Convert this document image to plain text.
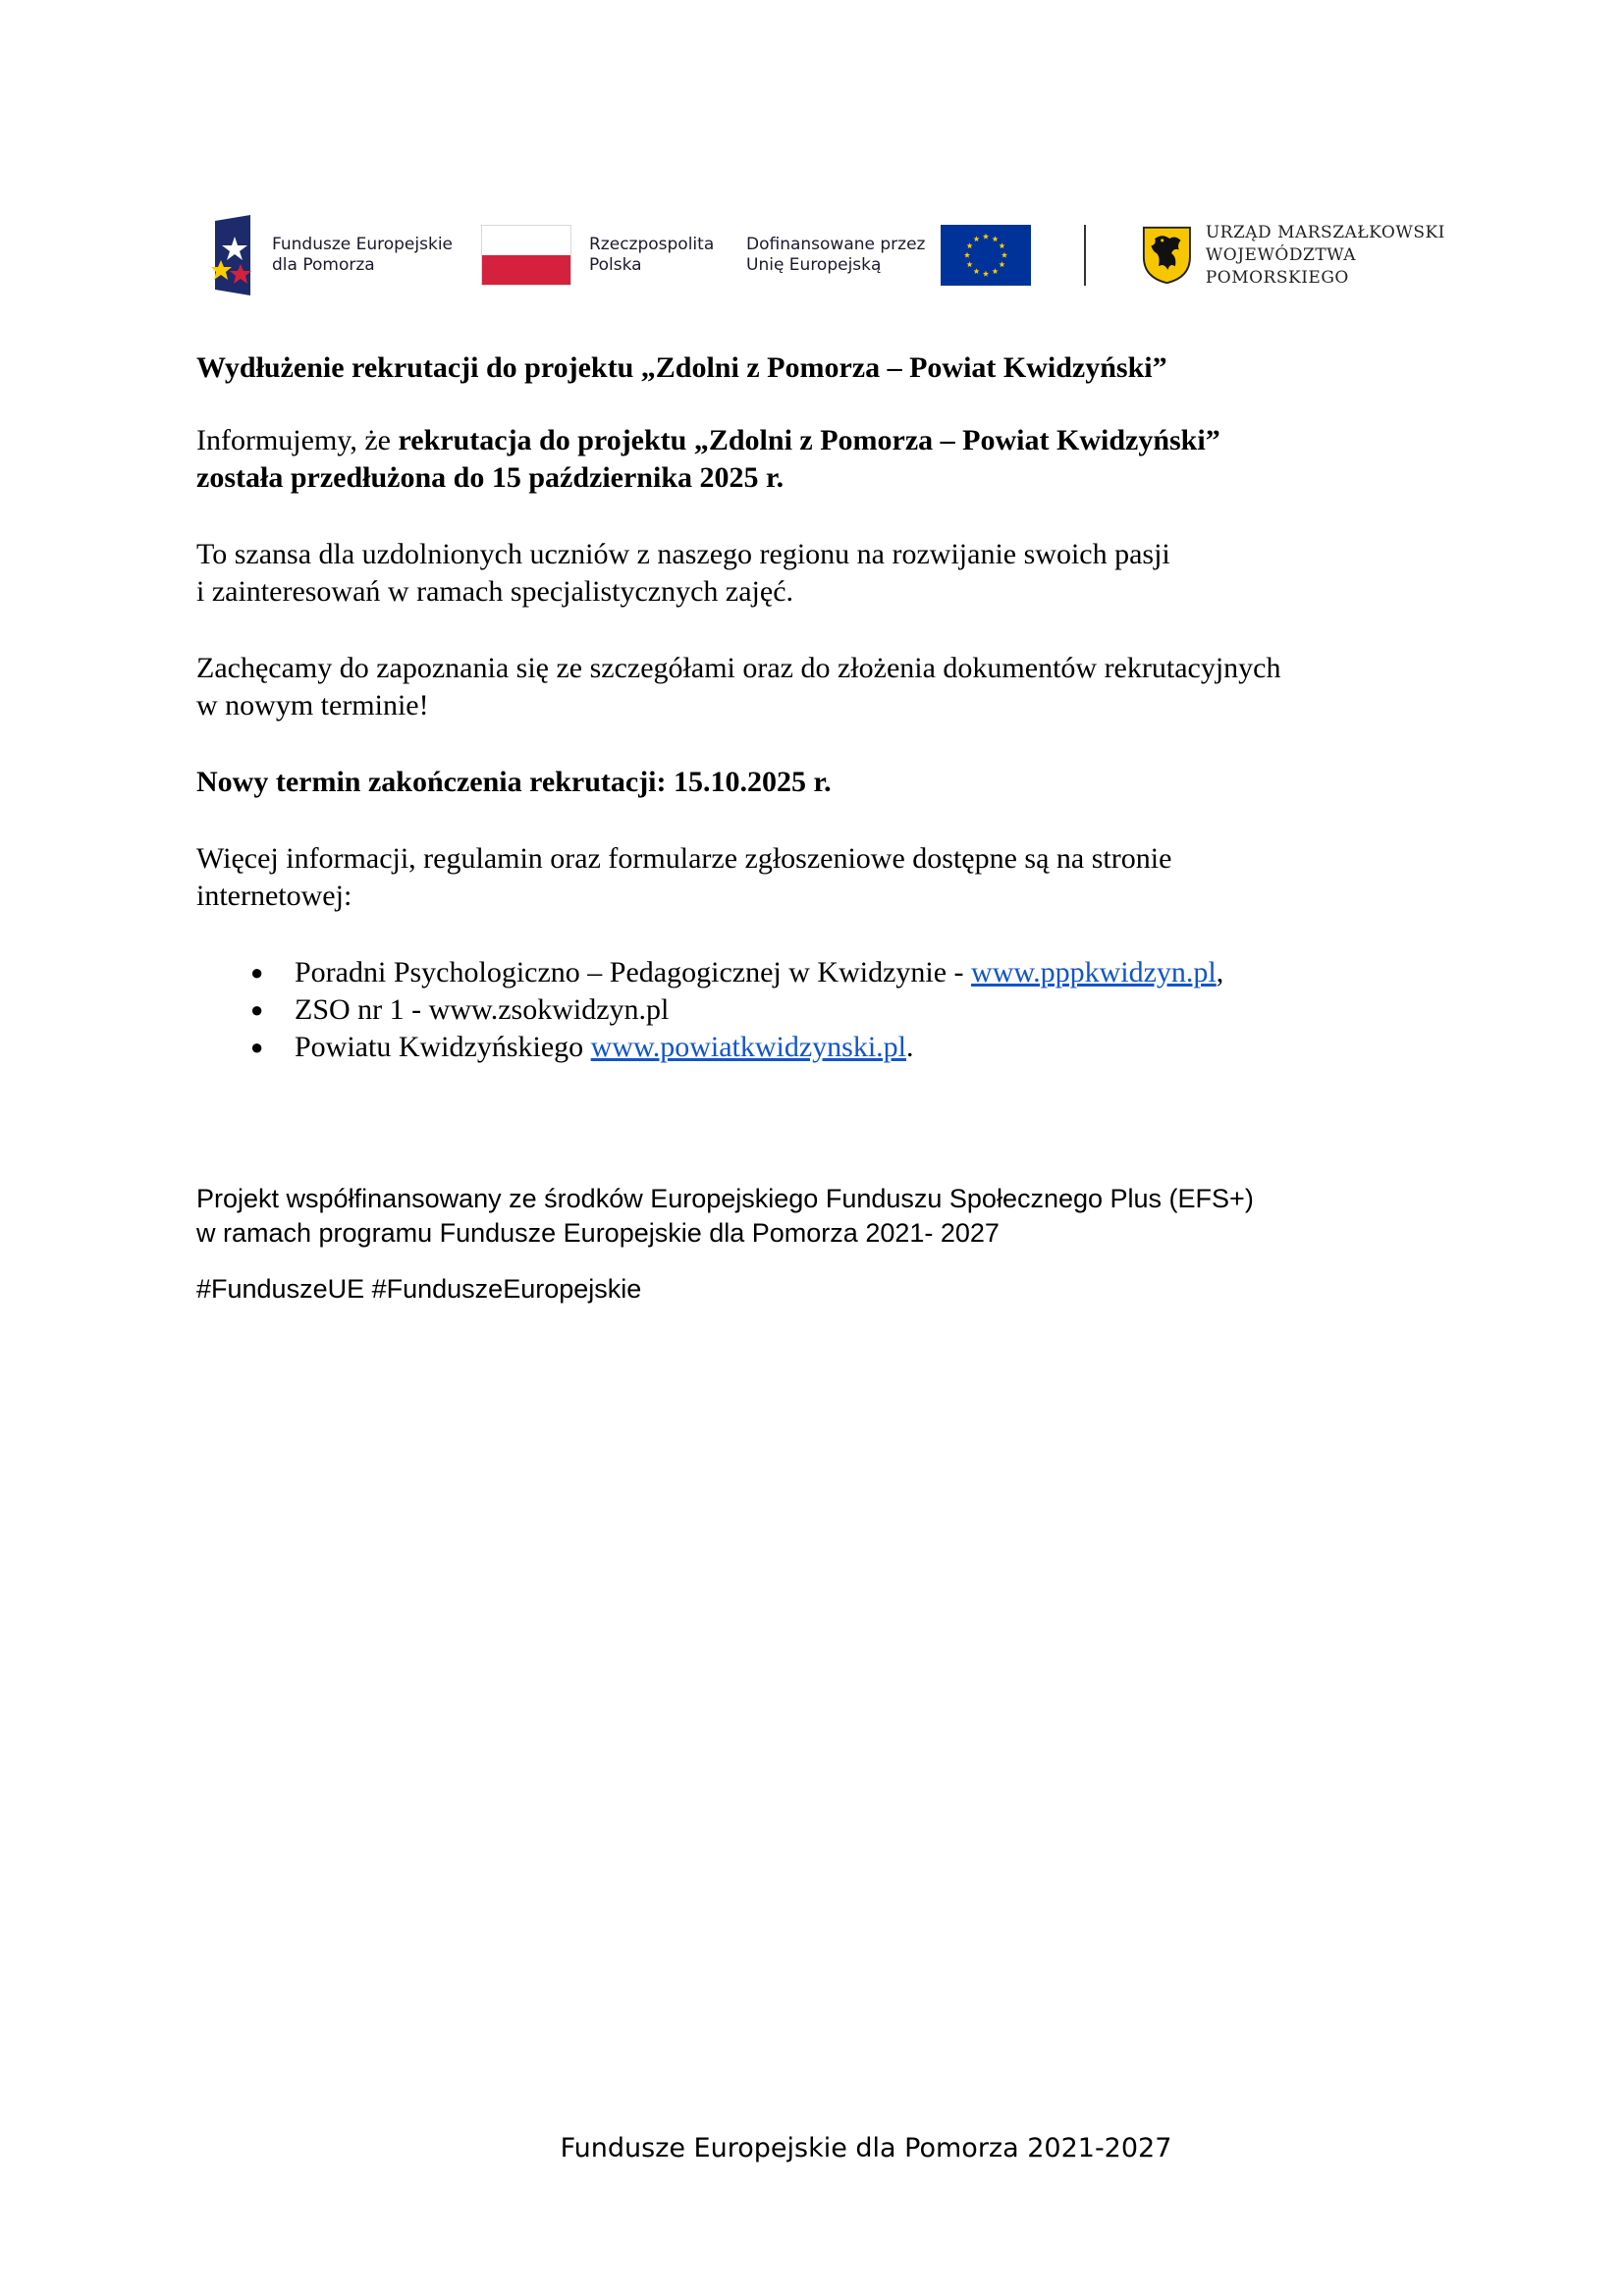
Fundusze Europejskie
dla Pomorza
Rzeczpospolita
Polska
Dofinansowane przez
Unię Europejską
URZĄD MARSZAŁKOWSKI
WOJEWÓDZTWA POMORSKIEGO

Wydłużenie rekrutacji do projektu „Zdolni z Pomorza – Powiat Kwidzyński”

Informujemy, że rekrutacja do projektu „Zdolni z Pomorza – Powiat Kwidzyński”
została przedłużona do 15 października 2025 r.

To szansa dla uzdolnionych uczniów z naszego regionu na rozwijanie swoich pasji
i zainteresowań w ramach specjalistycznych zajęć.

Zachęcamy do zapoznania się ze szczegółami oraz do złożenia dokumentów rekrutacyjnych
w nowym terminie!

Nowy termin zakończenia rekrutacji: 15.10.2025 r.

Więcej informacji, regulamin oraz formularze zgłoszeniowe dostępne są na stronie
internetowej:

● Poradni Psychologiczno – Pedagogicznej w Kwidzynie - www.pppkwidzyn.pl,
● ZSO nr 1 - www.zsokwidzyn.pl
● Powiatu Kwidzyńskiego www.powiatkwidzynski.pl.

Projekt współfinansowany ze środków Europejskiego Funduszu Społecznego Plus (EFS+)

w ramach programu Fundusze Europejskie dla Pomorza 2021- 2027

#FunduszeUE #FunduszeEuropejskie

Fundusze Europejskie dla Pomorza 2021-2027
